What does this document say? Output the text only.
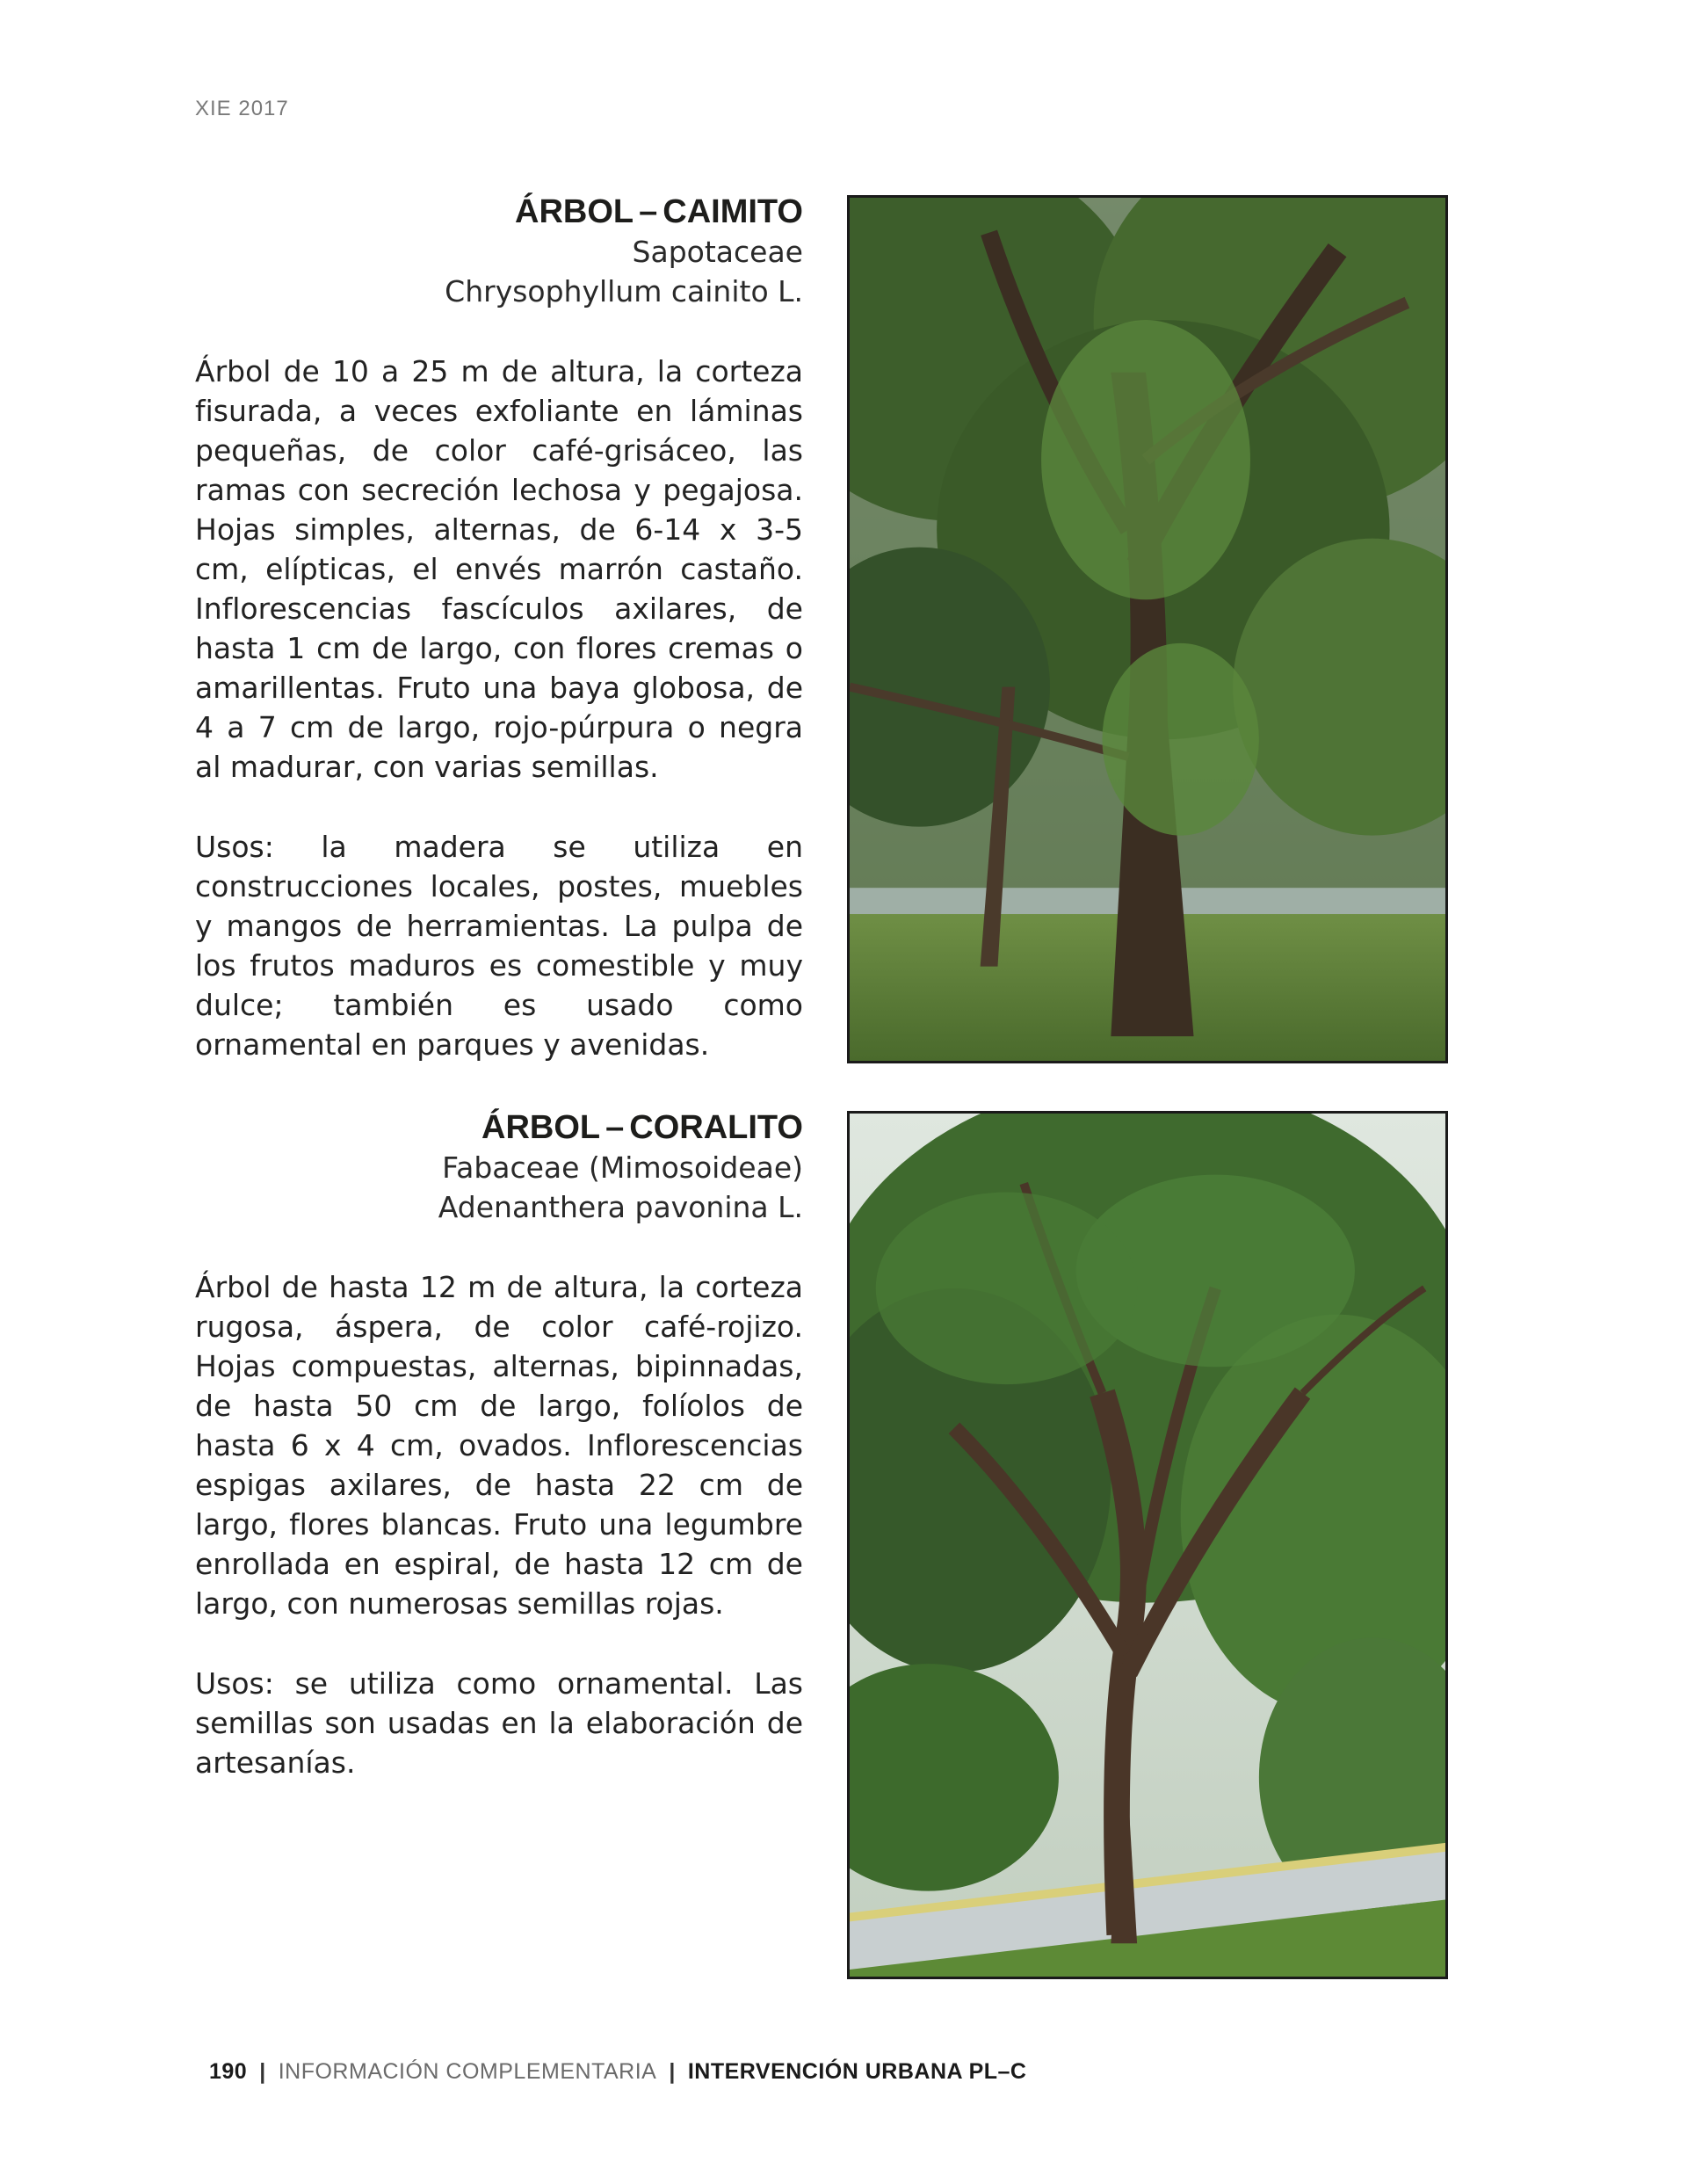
XIE 2017
ÁRBOL – CAIMITO
Sapotaceae
Chrysophyllum cainito L.

Árbol de 10 a 25 m de altura, la corteza fisurada, a veces exfoliante en láminas pequeñas, de color café-grisáceo, las ramas con secreción lechosa y pegajosa. Hojas simples, alternas, de 6-14 x 3-5 cm, elípticas, el envés marrón castaño. Inflorescencias fascículos axilares, de hasta 1 cm de largo, con flores cremas o amarillentas. Fruto una baya globosa, de 4 a 7 cm de largo, rojo-púrpura o negra al madurar, con varias semillas.

Usos: la madera se utiliza en construcciones locales, postes, muebles y mangos de herramientas. La pulpa de los frutos maduros es comestible y muy dulce; también es usado como ornamental en parques y avenidas.

ÁRBOL – CORALITO
Fabaceae (Mimosoideae)
Adenanthera pavonina L.

Árbol de hasta 12 m de altura, la corteza rugosa, áspera, de color café-rojizo. Hojas compuestas, alternas, bipinnadas, de hasta 50 cm de largo, folíolos de hasta 6 x 4 cm, ovados. Inflorescencias espigas axilares, de hasta 22 cm de largo, flores blancas. Fruto una legumbre enrollada en espiral, de hasta 12 cm de largo, con numerosas semillas rojas.

Usos: se utiliza como ornamental. Las semillas son usadas en la elaboración de artesanías.

190 | INFORMACIÓN COMPLEMENTARIA | INTERVENCIÓN URBANA PL–C
